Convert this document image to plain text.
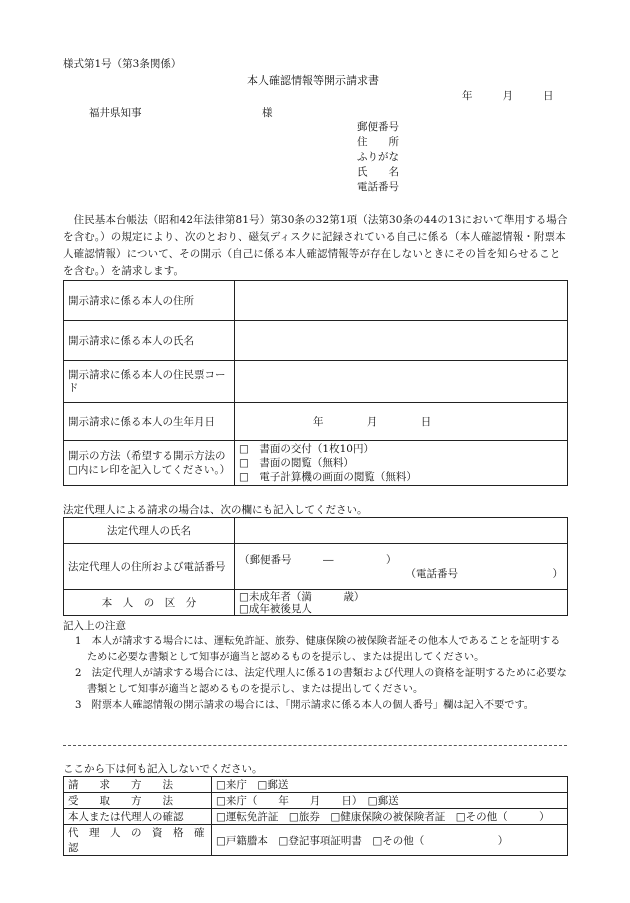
様式第1号（第3条関係）
本人確認情報等開示請求書
年	月	日
福井県知事	様
郵便番号
住　　所
ふりがな
氏　　名
電話番号
　住民基本台帳法（昭和42年法律第81号）第30条の32第1項（法第30条の44の13において準用する場合を含む。）の規定により、次のとおり、磁気ディスクに記録されている自己に係る（本人確認情報・附票本人確認情報）について、その開示（自己に係る本人確認情報等が存在しないときにその旨を知らせることを含む。）を請求します。
開示請求に係る本人の住所	
開示請求に係る本人の氏名	
開示請求に係る本人の住民票コード	
開示請求に係る本人の生年月日	年 月 日
開示の方法（希望する開示方法の□内にレ印を記入してください。）	□　書面の交付（1枚10円）
□　書面の閲覧（無料）
□　電子計算機の画面の閲覧（無料）
法定代理人による請求の場合は、次の欄にも記入してください。
法定代理人の氏名	
法定代理人の住所および電話番号	（郵便番号　　　―　　　　　）
（電話番号　　　　　　　　　）

本　人　の　区　分	□未成年者（満　　　歳）
□成年被後見人
記入上の注意
1　本人が請求する場合には、運転免許証、旅券、健康保険の被保険者証その他本人であることを証明するために必要な書類として知事が適当と認めるものを提示し、または提出してください。
2　法定代理人が請求する場合には、法定代理人に係る1の書類および代理人の資格を証明するために必要な書類として知事が適当と認めるものを提示し、または提出してください。
3　附票本人確認情報の開示請求の場合には、「開示請求に係る本人の個人番号」欄は記入不要です。
ここから下は何も記入しないでください。
請　　求　　方　　法	□来庁　□郵送
受　　取　　方　　法	□来庁（　　年　　月　　日）　□郵送
本人または代理人の確認	□運転免許証　□旅券　□健康保険の被保険者証　□その他（　　　）
代　理　人　の　資　格　確　認	□戸籍謄本　□登記事項証明書　□その他（　　　　　　　）
